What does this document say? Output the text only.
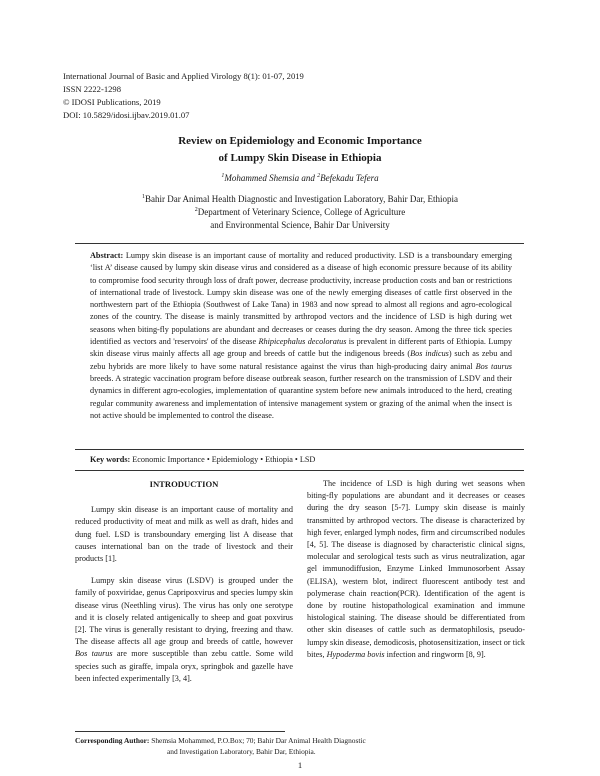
International Journal of Basic and Applied Virology 8(1): 01-07, 2019
ISSN 2222-1298
© IDOSI Publications, 2019
DOI: 10.5829/idosi.ijbav.2019.01.07
Review on Epidemiology and Economic Importance
of Lumpy Skin Disease in Ethiopia
$^1$Mohammed Shemsia and $^2$Befekadu Tefera
$^1$Bahir Dar Animal Health Diagnostic and Investigation Laboratory, Bahir Dar, Ethiopia
$^2$Department of Veterinary Science, College of Agriculture
and Environmental Science, Bahir Dar University
Abstract: Lumpy skin disease is an important cause of mortality and reduced productivity. LSD is a transboundary emerging ‘list A’ disease caused by lumpy skin disease virus and considered as a disease of high economic pressure because of its ability to compromise food security through loss of draft power, decrease productivity, increase production costs and ban or restrictions of international trade of livestock. Lumpy skin disease was one of the newly emerging diseases of cattle first observed in the northwestern part of the Ethiopia (Southwest of Lake Tana) in 1983 and now spread to almost all regions and agro-ecological zones of the country. The disease is mainly transmitted by arthropod vectors and the incidence of LSD is high during wet seasons when biting-fly populations are abundant and decreases or ceases during the dry season. Among the three tick species identified as vectors and 'reservoirs' of the disease Rhipicephalus decoloratus is prevalent in different parts of Ethiopia. Lumpy skin disease virus mainly affects all age group and breeds of cattle but the indigenous breeds (Bos indicus) such as zebu and zebu hybrids are more likely to have some natural resistance against the virus than high-producing dairy animal Bos taurus breeds. A strategic vaccination program before disease outbreak season, further research on the transmission of LSDV and their dynamics in different agro-ecologies, implementation of quarantine system before new animals introduced to the herd, creating regular community awareness and implementation of intensive management system or grazing of the animal when the insect is not active should be implemented to control the disease.
Key words: Economic Importance • Epidemiology • Ethiopia • LSD
INTRODUCTION

Lumpy skin disease is an important cause of mortality and reduced productivity of meat and milk as well as draft, hides and dung fuel. LSD is transboundary emerging list A disease that causes international ban on the trade of livestock and their products [1].

Lumpy skin disease virus (LSDV) is grouped under the family of poxviridae, genus Capripoxvirus and species lumpy skin disease virus (Neethling virus). The virus has only one serotype and it is closely related antigenically to sheep and goat poxvirus [2]. The virus is generally resistant to drying, freezing and thaw. The disease affects all age group and breeds of cattle, however Bos taurus are more susceptible than zebu cattle. Some wild species such as giraffe, impala oryx, springbok and gazelle have been infected experimentally [3, 4].

The incidence of LSD is high during wet seasons when biting-fly populations are abundant and it decreases or ceases during the dry season [5-7]. Lumpy skin disease is mainly transmitted by arthropod vectors. The disease is characterized by high fever, enlarged lymph nodes, firm and circumscribed nodules [4, 5]. The disease is diagnosed by characteristic clinical signs, molecular and serological tests such as virus neutralization, agar gel immunodiffusion, Enzyme Linked Immunosorbent Assay (ELISA), western blot, indirect fluorescent antibody test and polymerase chain reaction(PCR). Identification of the agent is done by routine histopathological examination and immune histological staining. The disease should be differentiated from other skin diseases of cattle such as dermatophilosis, pseudo-lumpy skin disease, demodicosis, photosensitization, insect or tick bites, Hypoderma bovis infection and ringworm [8, 9].

Corresponding Author: Shemsia Mohammed, P.O.Box; 70; Bahir Dar Animal Health Diagnostic
and Investigation Laboratory, Bahir Dar, Ethiopia.
1
